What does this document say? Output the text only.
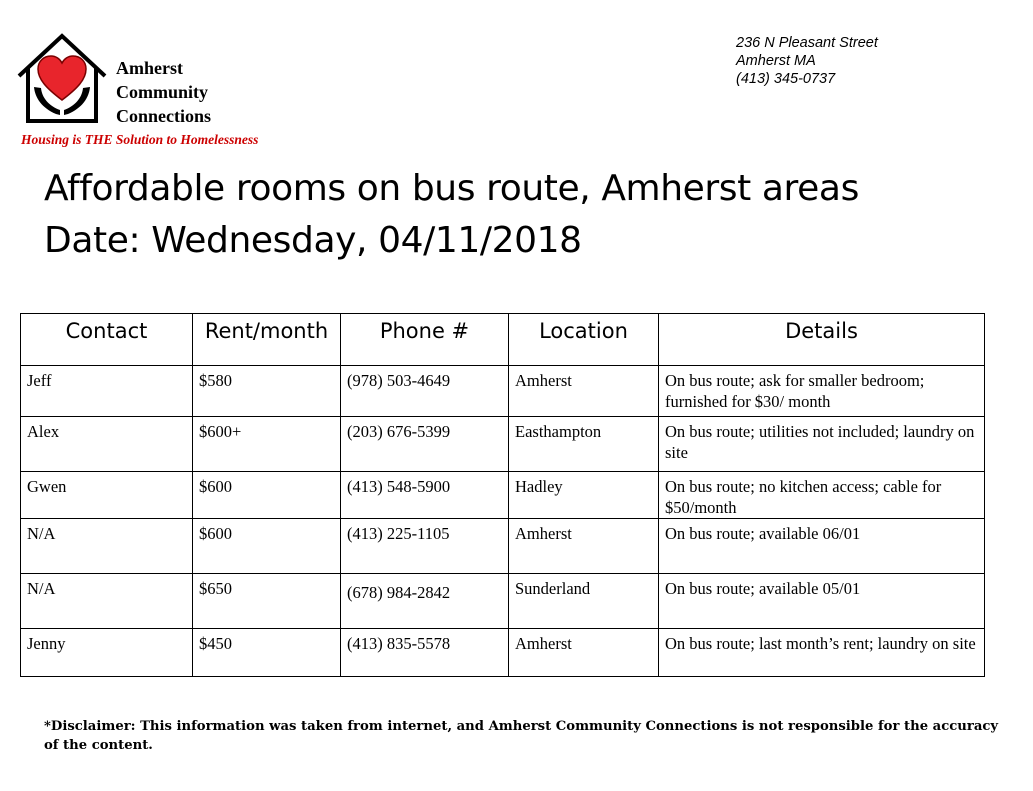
Amherst
Community
Connections
Housing is THE Solution to Homelessness
236 N Pleasant Street
Amherst MA
(413) 345-0737
Affordable rooms on bus route, Amherst areas
Date: Wednesday, 04/11/2018
Contact	Rent/month	Phone #	Location	Details
Jeff	$580	(978) 503-4649	Amherst	On bus route; ask for smaller bedroom; furnished for $30/ month
Alex	$600+	(203) 676-5399	Easthampton	On bus route; utilities not included; laundry on site
Gwen	$600	(413) 548-5900	Hadley	On bus route; no kitchen access; cable for $50/month
N/A	$600	(413) 225-1105	Amherst	On bus route; available 06/01
N/A	$650	(678) 984-2842	Sunderland	On bus route; available 05/01
Jenny	$450	(413) 835-5578	Amherst	On bus route; last month’s rent; laundry on site
*Disclaimer: This information was taken from internet, and Amherst Community Connections is not responsible for the accuracy of the content.
